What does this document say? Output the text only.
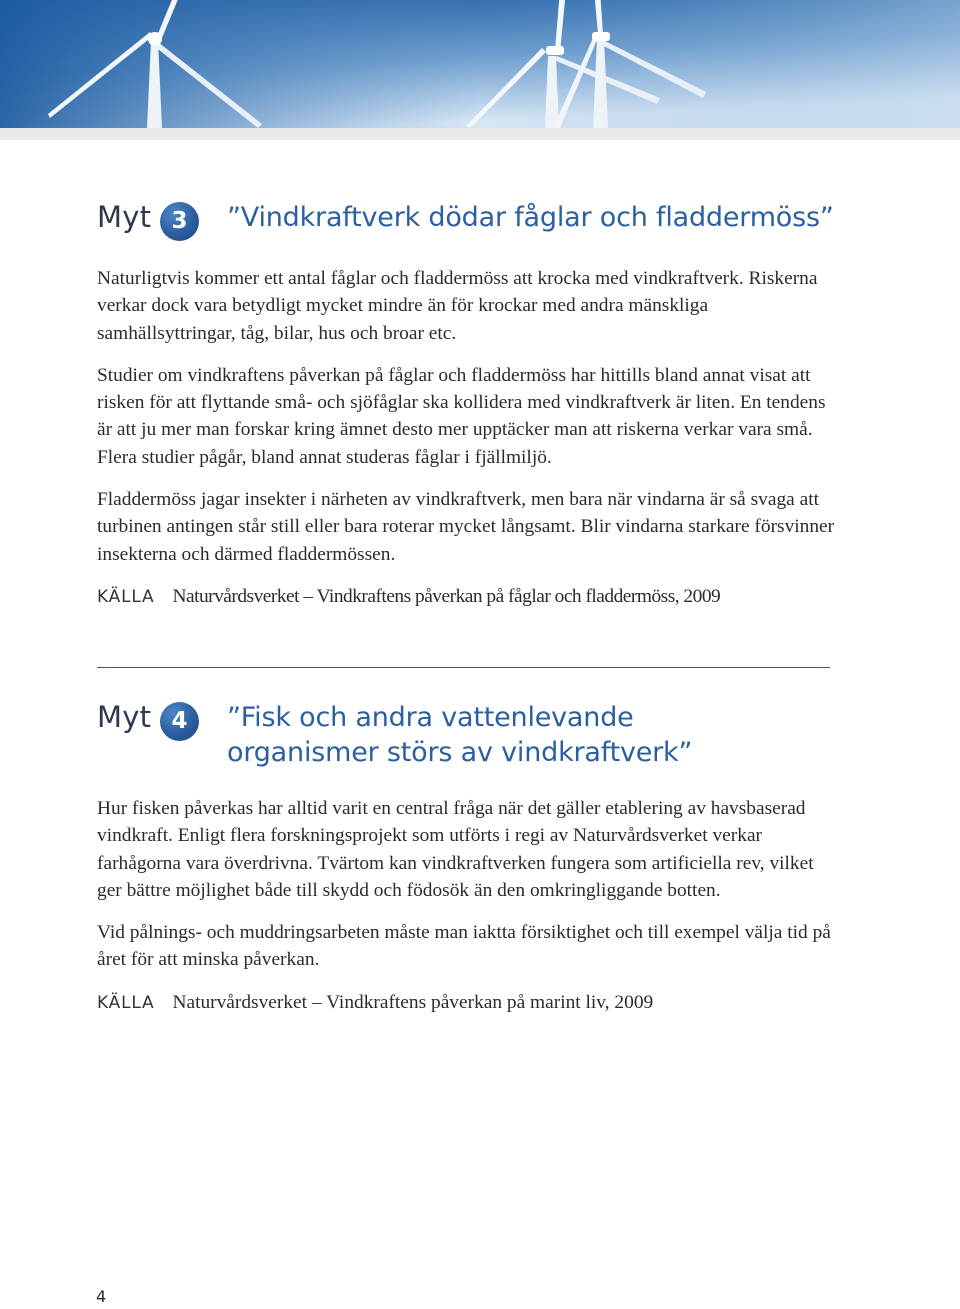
Myt 3	”Vindkraftverk dödar fåglar och fladdermöss”

Naturligtvis kommer ett antal fåglar och fladdermöss att krocka med vindkraftverk. Riskerna verkar dock vara betydligt mycket mindre än för krockar med andra mänskliga samhällsyttringar, tåg, bilar, hus och broar etc.

Studier om vindkraftens påverkan på fåglar och fladdermöss har hittills bland annat visat att risken för att flyttande små- och sjöfåglar ska kollidera med vindkraftverk är liten. En tendens är att ju mer man forskar kring ämnet desto mer upptäcker man att riskerna verkar vara små. Flera studier pågår, bland annat studeras fåglar i fjällmiljö.

Fladdermöss jagar insekter i närheten av vindkraftverk, men bara när vindarna är så svaga att turbinen antingen står still eller bara roterar mycket långsamt. Blir vindarna starkare försvinner insekterna och därmed fladdermössen.

KÄLLA Naturvårdsverket – Vindkraftens påverkan på fåglar och fladdermöss, 2009
Myt 4	”Fisk och andra vattenlevande
organismer störs av vindkraftverk”

Hur fisken påverkas har alltid varit en central fråga när det gäller etablering av havsbaserad vindkraft. Enligt flera forskningsprojekt som utförts i regi av Naturvårdsverket verkar farhågorna vara överdrivna. Tvärtom kan vindkraftverken fungera som artificiella rev, vilket ger bättre möjlighet både till skydd och födosök än den omkringliggande botten.

Vid pålnings- och muddringsarbeten måste man iaktta försiktighet och till exempel välja tid på året för att minska påverkan.

KÄLLA Naturvårdsverket – Vindkraftens påverkan på marint liv, 2009
4
